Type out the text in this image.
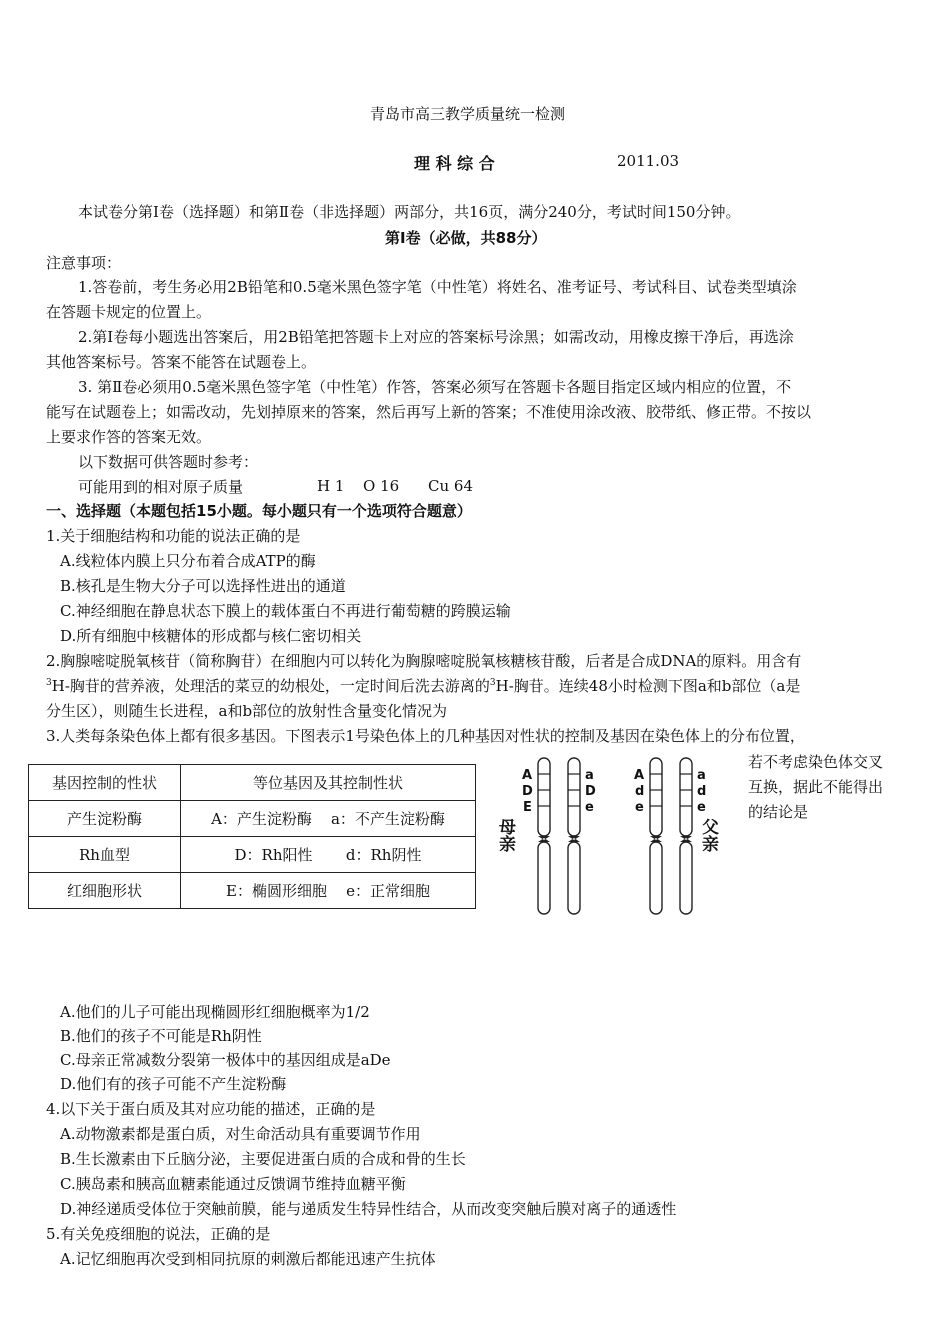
青岛市高三教学质量统一检测
理 科 综 合	2011.03
本试卷分第Ⅰ卷（选择题）和第Ⅱ卷（非选择题）两部分，共16页，满分240分，考试时间150分钟。
第Ⅰ卷（必做，共88分）
注意事项：
1.答卷前，考生务必用2B铅笔和0.5毫米黑色签字笔（中性笔）将姓名、准考证号、考试科目、试卷类型填涂
在答题卡规定的位置上。
2.第Ⅰ卷每小题选出答案后，用2B铅笔把答题卡上对应的答案标号涂黑；如需改动，用橡皮擦干净后，再选涂
其他答案标号。答案不能答在试题卷上。
3. 第Ⅱ卷必须用0.5毫米黑色签字笔（中性笔）作答，答案必须写在答题卡各题目指定区域内相应的位置，不
能写在试题卷上；如需改动，先划掉原来的答案，然后再写上新的答案；不准使用涂改液、胶带纸、修正带。不按以
上要求作答的答案无效。
以下数据可供答题时参考：
可能用到的相对原子质量	H 1 O 16 Cu 64
一、选择题（本题包括15小题。每小题只有一个选项符合题意）
1.关于细胞结构和功能的说法正确的是
A.线粒体内膜上只分布着合成ATP的酶
B.核孔是生物大分子可以选择性进出的通道
C.神经细胞在静息状态下膜上的载体蛋白不再进行葡萄糖的跨膜运输
D.所有细胞中核糖体的形成都与核仁密切相关
2.胸腺嘧啶脱氧核苷（简称胸苷）在细胞内可以转化为胸腺嘧啶脱氧核糖核苷酸，后者是合成DNA的原料。用含有
$^3$H-胸苷的营养液，处理活的菜豆的幼根处，一定时间后洗去游离的$^3$H-胸苷。连续48小时检测下图a和b部位（a是
分生区），则随生长进程，a和b部位的放射性含量变化情况为
3.人类每条染色体上都有很多基因。下图表示1号染色体上的几种基因对性状的控制及基因在染色体上的分布位置，
若不考虑染色体交叉
互换，据此不能得出
的结论是
基因控制的性状	等位基因及其控制性状
产生淀粉酶	A：产生淀粉酶 a：不产生淀粉酶
Rh血型	D：Rh阳性 d：Rh阴性
红细胞形状	E：椭圆形细胞 e：正常细胞
A
D
E
a
D
e
A
d
e
a
d
e
母亲	父亲
A.他们的儿子可能出现椭圆形红细胞概率为1/2
B.他们的孩子不可能是Rh阴性
C.母亲正常减数分裂第一极体中的基因组成是aDe
D.他们有的孩子可能不产生淀粉酶
4.以下关于蛋白质及其对应功能的描述，正确的是
A.动物激素都是蛋白质，对生命活动具有重要调节作用
B.生长激素由下丘脑分泌，主要促进蛋白质的合成和骨的生长
C.胰岛素和胰高血糖素能通过反馈调节维持血糖平衡
D.神经递质受体位于突触前膜，能与递质发生特异性结合，从而改变突触后膜对离子的通透性
5.有关免疫细胞的说法，正确的是
A.记忆细胞再次受到相同抗原的刺激后都能迅速产生抗体
